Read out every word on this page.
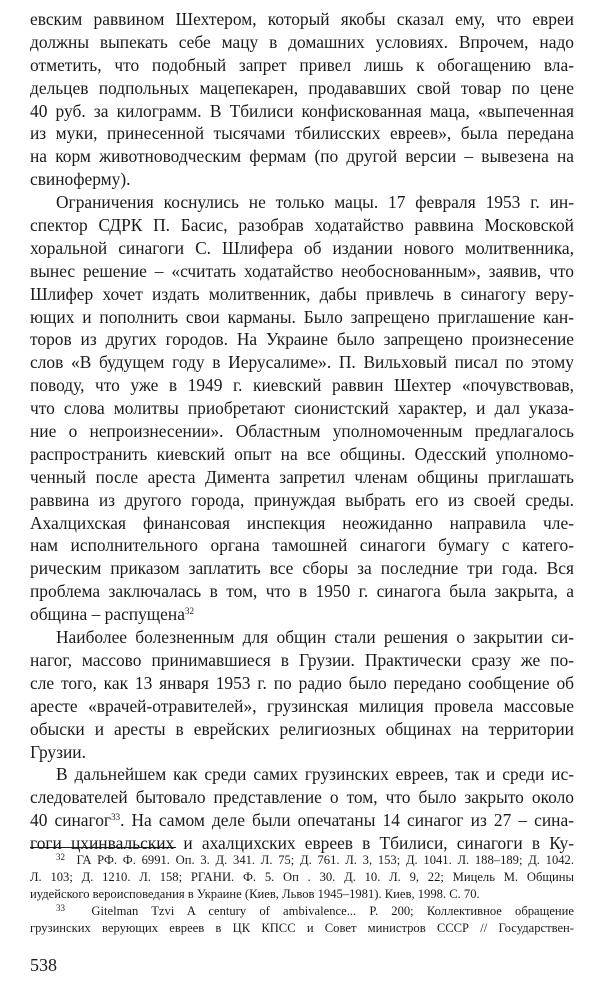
евским раввином Шехтером, который якобы сказал ему, что евреи
должны выпекать себе мацу в домашних условиях. Впрочем, надо
отметить, что подобный запрет привел лишь к обогащению вла-
дельцев подпольных мацепекарен, продававших свой товар по цене
40 руб. за килограмм. В Тбилиси конфискованная маца, «выпеченная
из муки, принесенной тысячами тбилисских евреев», была передана
на корм животноводческим фермам (по другой версии – вывезена на
свиноферму).
Ограничения коснулись не только мацы. 17 февраля 1953 г. ин-
спектор СДРК П. Басис, разобрав ходатайство раввина Московской
хоральной синагоги С. Шлифера об издании нового молитвенника,
вынес решение – «считать ходатайство необоснованным», заявив, что
Шлифер хочет издать молитвенник, дабы привлечь в синагогу веру-
ющих и пополнить свои карманы. Было запрещено приглашение кан-
торов из других городов. На Украине было запрещено произнесение
слов «В будущем году в Иерусалиме». П. Вильховый писал по этому
поводу, что уже в 1949 г. киевский раввин Шехтер «почувствовав,
что слова молитвы приобретают сионистский характер, и дал указа-
ние о непроизнесении». Областным уполномоченным предлагалось
распространить киевский опыт на все общины. Одесский уполномо-
ченный после ареста Димента запретил членам общины приглашать
раввина из другого города, принуждая выбрать его из своей среды.
Ахалцихская финансовая инспекция неожиданно направила чле-
нам исполнительного органа тамошней синагоги бумагу с катего-
рическим приказом заплатить все сборы за последние три года. Вся
проблема заключалась в том, что в 1950 г. синагога была закрыта, а
община – распущена$^{32}$
Наиболее болезненным для общин стали решения о закрытии си-
нагог, массово принимавшиеся в Грузии. Практически сразу же по-
сле того, как 13 января 1953 г. по радио было передано сообщение об
аресте «врачей-отравителей», грузинская милиция провела массовые
обыски и аресты в еврейских религиозных общинах на территории
Грузии.
В дальнейшем как среди самих грузинских евреев, так и среди ис-
следователей бытовало представление о том, что было закрыто около
40 синагог$^{33}$. На самом деле были опечатаны 14 синагог из 27 – сина-
гоги цхинвальских и ахалцихских евреев в Тбилиси, синагоги в Ку-
$^{32}$ ГА РФ. Ф. 6991. Оп. 3. Д. 341. Л. 75; Д. 761. Л. 3, 153; Д. 1041. Л. 188–189; Д. 1042.
Л. 103; Д. 1210. Л. 158; РГАНИ. Ф. 5. Оп . 30. Д. 10. Л. 9, 22; Мицель М. Общины
иудейского вероисповедания в Украине (Киев, Львов 1945–1981). Киев, 1998. С. 70.
$^{33}$ Gitelman Tzvi A century of ambivalence... P. 200; Коллективное обращение
грузинских верующих евреев в ЦК КПСС и Совет министров СССР // Государствен-
538
